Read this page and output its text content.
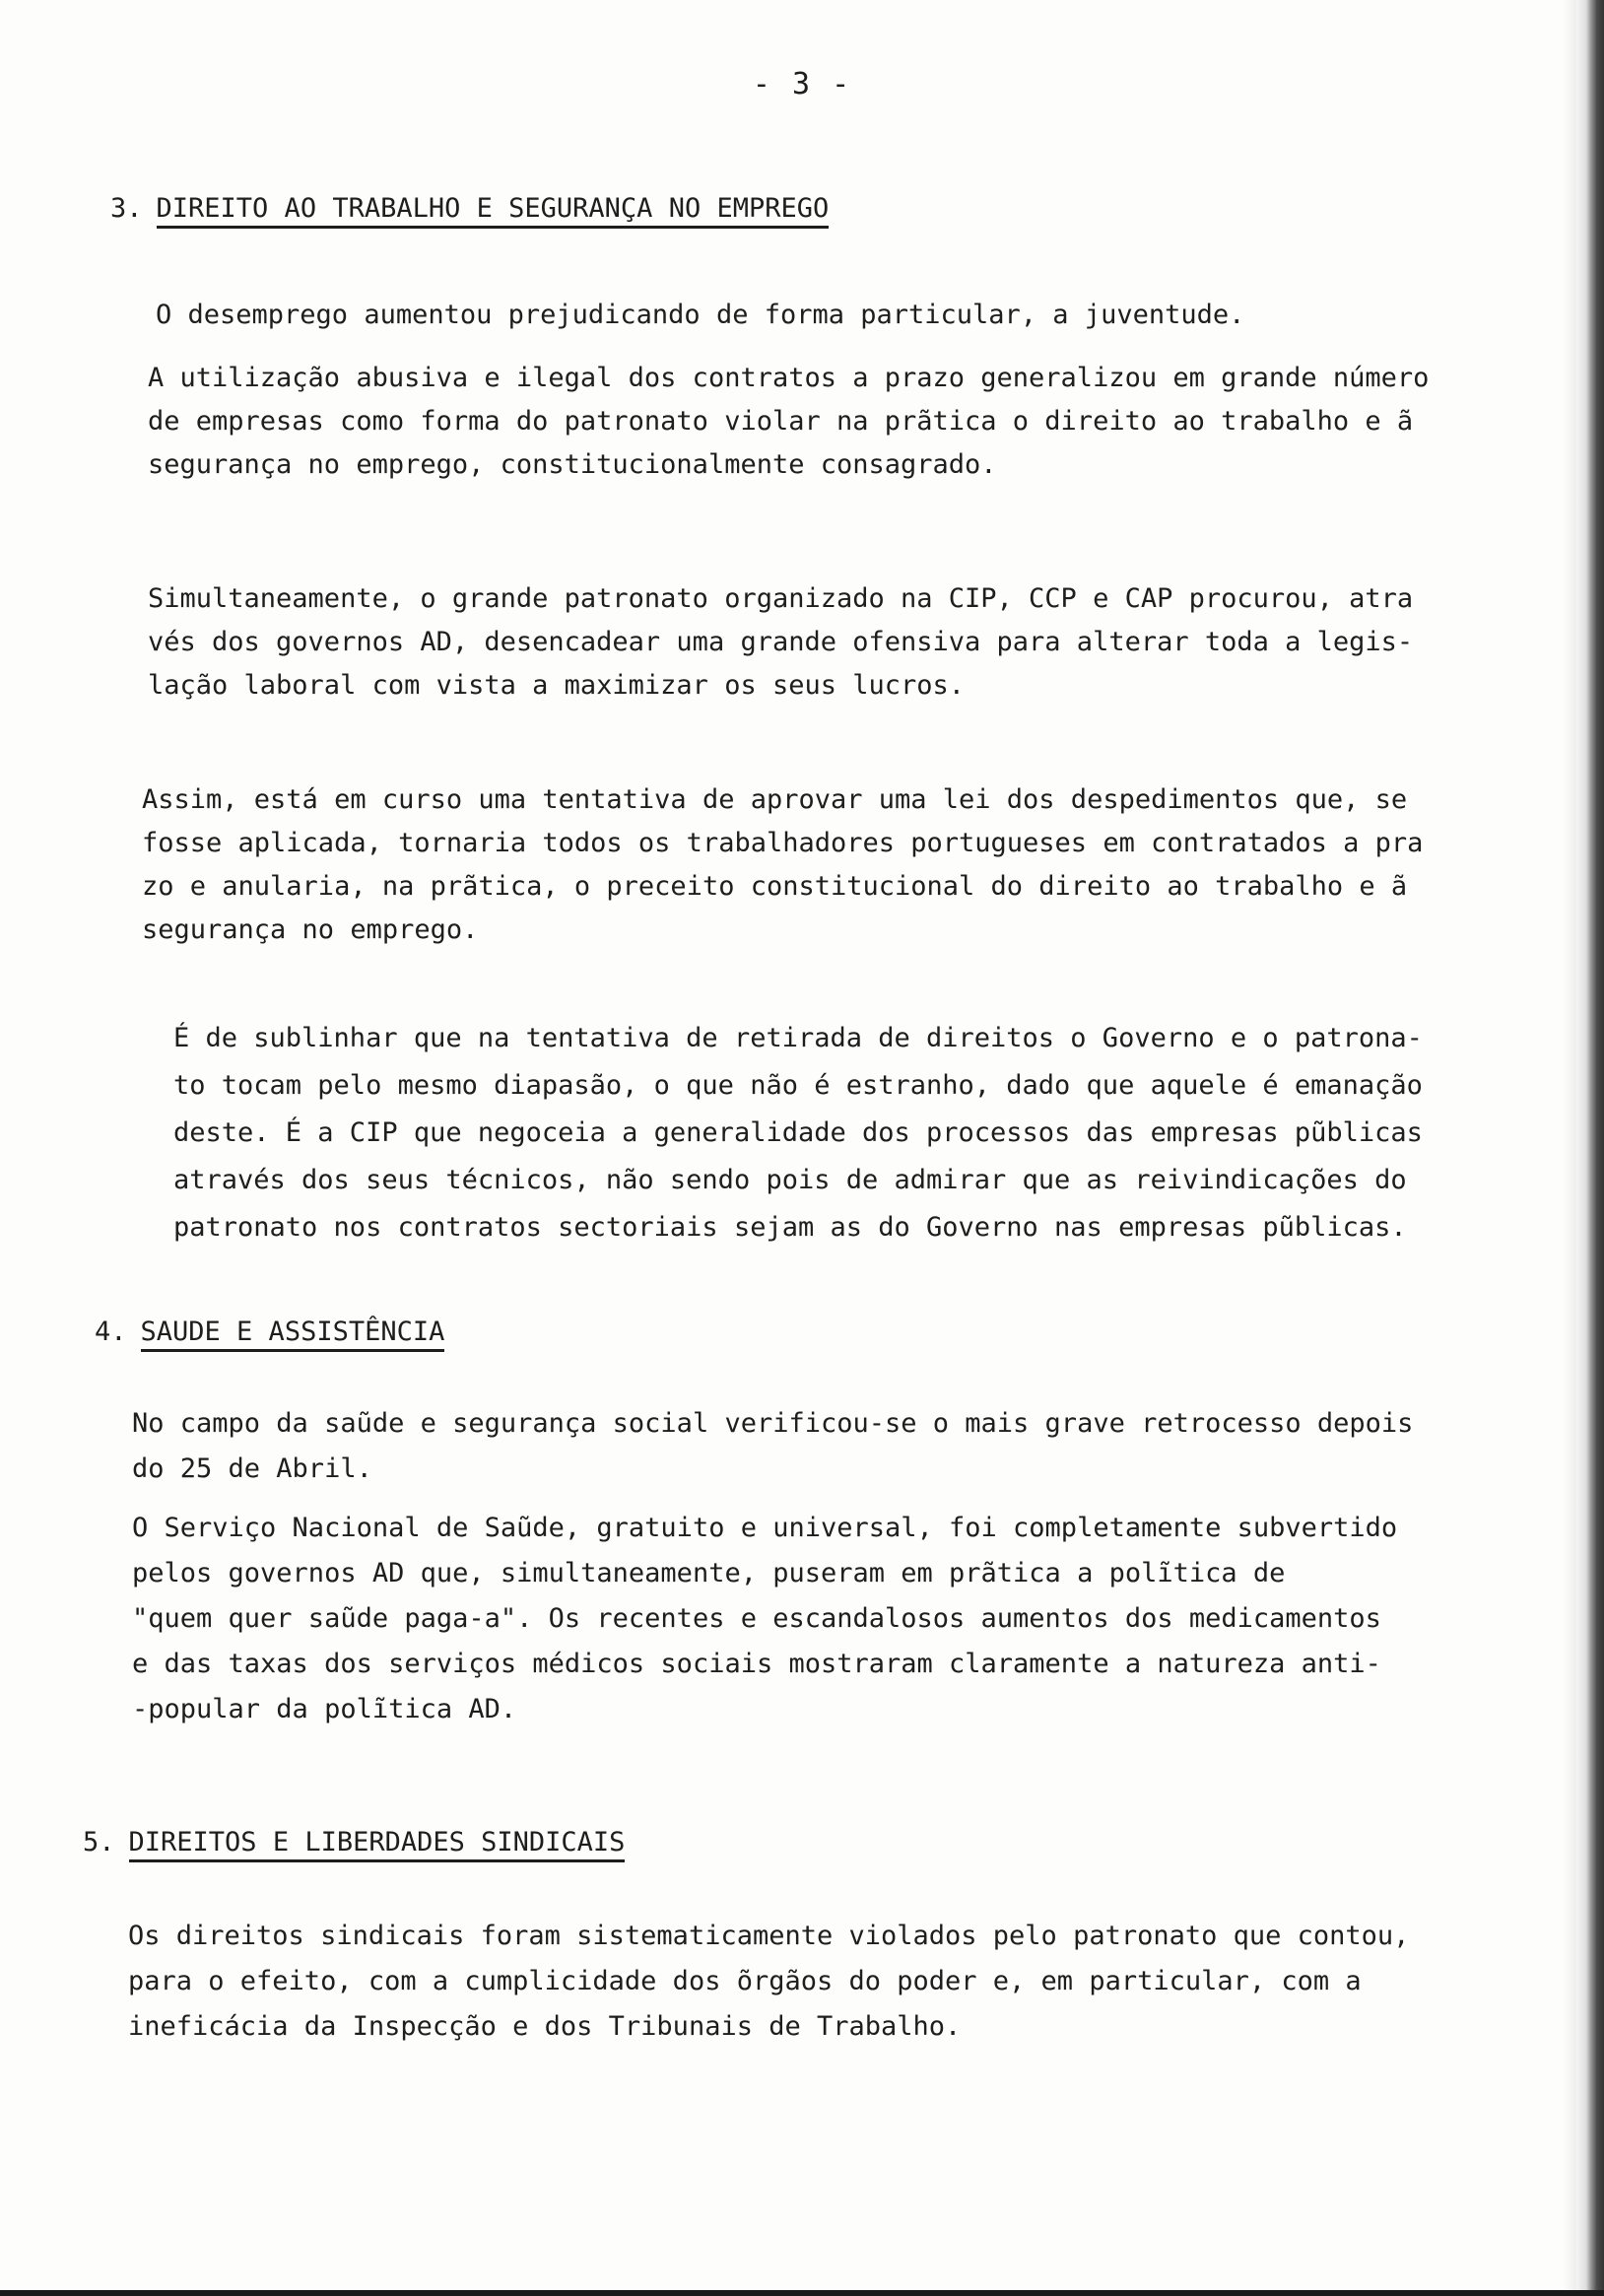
- 3 -
3. DIREITO AO TRABALHO E SEGURANÇA NO EMPREGO
O desemprego aumentou prejudicando de forma particular, a juventude.
A utilização abusiva e ilegal dos contratos a prazo generalizou em grande número
de empresas como forma do patronato violar na prãtica o direito ao trabalho e ã
segurança no emprego, constitucionalmente consagrado.
Simultaneamente, o grande patronato organizado na CIP, CCP e CAP procurou, atra
vés dos governos AD, desencadear uma grande ofensiva para alterar toda a legis-
lação laboral com vista a maximizar os seus lucros.
Assim, está em curso uma tentativa de aprovar uma lei dos despedimentos que, se
fosse aplicada, tornaria todos os trabalhadores portugueses em contratados a pra
zo e anularia, na prãtica, o preceito constitucional do direito ao trabalho e ã
segurança no emprego.
É de sublinhar que na tentativa de retirada de direitos o Governo e o patrona-
to tocam pelo mesmo diapasão, o que não é estranho, dado que aquele é emanação
deste. É a CIP que negoceia a generalidade dos processos das empresas pũblicas
através dos seus técnicos, não sendo pois de admirar que as reivindicações do
patronato nos contratos sectoriais sejam as do Governo nas empresas pũblicas.
4. SAUDE E ASSISTÊNCIA
No campo da saũde e segurança social verificou-se o mais grave retrocesso depois
do 25 de Abril.
O Serviço Nacional de Saũde, gratuito e universal, foi completamente subvertido
pelos governos AD que, simultaneamente, puseram em prãtica a polĩtica de
"quem quer saũde paga-a". Os recentes e escandalosos aumentos dos medicamentos
e das taxas dos serviços médicos sociais mostraram claramente a natureza anti-
-popular da polĩtica AD.
5. DIREITOS E LIBERDADES SINDICAIS
Os direitos sindicais foram sistematicamente violados pelo patronato que contou,
para o efeito, com a cumplicidade dos õrgãos do poder e, em particular, com a
ineficácia da Inspecção e dos Tribunais de Trabalho.
